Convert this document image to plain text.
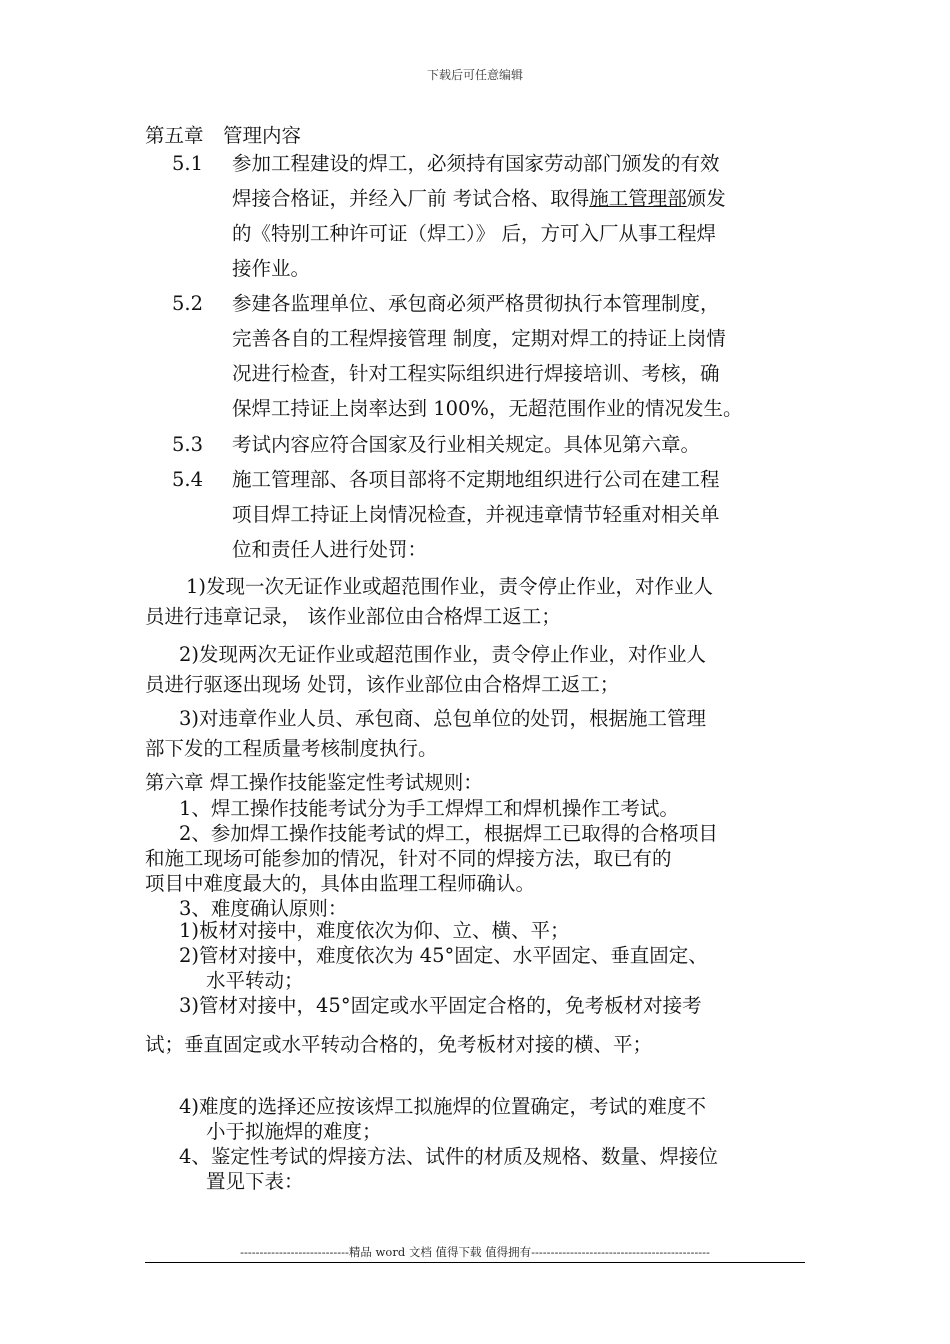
下载后可任意编辑
第五章　管理内容
5.1 参加工程建设的焊工，必须持有国家劳动部门颁发的有效
焊接合格证，并经入厂前 考试合格、取得施工管理部颁发
的《特别工种许可证（焊工）》 后，方可入厂从事工程焊
接作业。
5.2 参建各监理单位、承包商必须严格贯彻执行本管理制度，
完善各自的工程焊接管理 制度，定期对焊工的持证上岗情
况进行检查，针对工程实际组织进行焊接培训、考核，确
保焊工持证上岗率达到 100%，无超范围作业的情况发生。
5.3 考试内容应符合国家及行业相关规定。具体见第六章。
5.4 施工管理部、各项目部将不定期地组织进行公司在建工程
项目焊工持证上岗情况检查，并视违章情节轻重对相关单
位和责任人进行处罚：
1)发现一次无证作业或超范围作业，责令停止作业，对作业人
员进行违章记录， 该作业部位由合格焊工返工；
2)发现两次无证作业或超范围作业，责令停止作业，对作业人
员进行驱逐出现场 处罚，该作业部位由合格焊工返工；
3)对违章作业人员、承包商、总包单位的处罚，根据施工管理
部下发的工程质量考核制度执行。
第六章 焊工操作技能鉴定性考试规则：
1、焊工操作技能考试分为手工焊焊工和焊机操作工考试。
2、参加焊工操作技能考试的焊工，根据焊工已取得的合格项目
和施工现场可能参加的情况，针对不同的焊接方法，取已有的
项目中难度最大的，具体由监理工程师确认。
3、难度确认原则：
1)板材对接中，难度依次为仰、立、横、平；
2)管材对接中，难度依次为 45°固定、水平固定、垂直固定、
水平转动；
3)管材对接中，45°固定或水平固定合格的，免考板材对接考
试；垂直固定或水平转动合格的，免考板材对接的横、平；
4)难度的选择还应按该焊工拟施焊的位置确定，考试的难度不
小于拟施焊的难度；
4、鉴定性考试的焊接方法、试件的材质及规格、数量、焊接位
置见下表：
----------------------------精品 word 文档 值得下载 值得拥有----------------------------------------------
